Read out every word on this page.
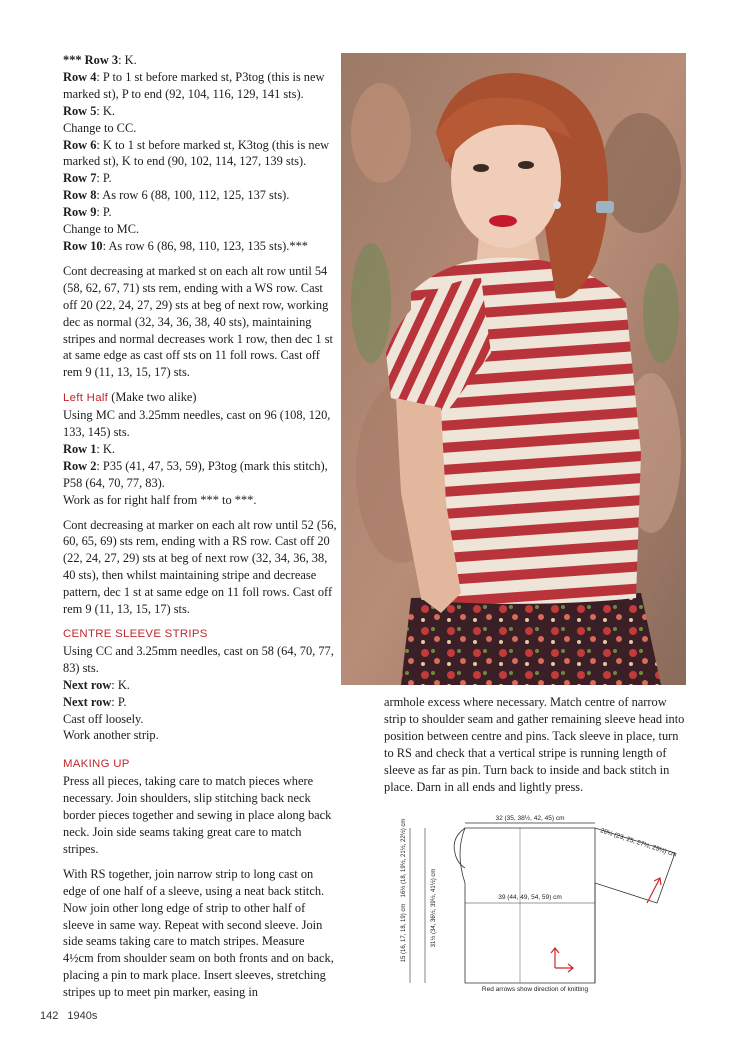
*** Row 3: K.

Row 4: P to 1 st before marked st, P3tog (this is new marked st), P to end (92, 104, 116, 129, 141 sts).

Row 5: K.

Change to CC.

Row 6: K to 1 st before marked st, K3tog (this is new marked st), K to end (90, 102, 114, 127, 139 sts).

Row 7: P.

Row 8: As row 6 (88, 100, 112, 125, 137 sts).

Row 9: P.

Change to MC.

Row 10: As row 6 (86, 98, 110, 123, 135 sts).***

Cont decreasing at marked st on each alt row until 54 (58, 62, 67, 71) sts rem, ending with a WS row. Cast off 20 (22, 24, 27, 29) sts at beg of next row, working dec as normal (32, 34, 36, 38, 40 sts), maintaining stripes and normal decreases work 1 row, then dec 1 st at same edge as cast off sts on 11 foll rows. Cast off rem 9 (11, 13, 15, 17) sts.

Left Half (Make two alike)

Using MC and 3.25mm needles, cast on 96 (108, 120, 133, 145) sts.

Row 1: K.

Row 2: P35 (41, 47, 53, 59), P3tog (mark this stitch), P58 (64, 70, 77, 83).

Work as for right half from *** to ***.

Cont decreasing at marker on each alt row until 52 (56, 60, 65, 69) sts rem, ending with a RS row. Cast off 20 (22, 24, 27, 29) sts at beg of next row (32, 34, 36, 38, 40 sts), then whilst maintaining stripe and decrease pattern, dec 1 st at same edge on 11 foll rows. Cast off rem 9 (11, 13, 15, 17) sts.

CENTRE SLEEVE STRIPS

Using CC and 3.25mm needles, cast on 58 (64, 70, 77, 83) sts.

Next row: K.

Next row: P.

Cast off loosely.

Work another strip.

MAKING UP

Press all pieces, taking care to match pieces where necessary. Join shoulders, slip stitching back neck border pieces together and sewing in place along back neck. Join side seams taking great care to match stripes.

With RS together, join narrow strip to long cast on edge of one half of a sleeve, using a neat back stitch. Now join other long edge of strip to other half of sleeve in same way. Repeat with second sleeve. Join side seams taking care to match stripes. Measure 4½cm from shoulder seam on both fronts and on back, placing a pin to mark place. Insert sleeves, stretching stripes up to meet pin marker, easing in

armhole excess where necessary. Match centre of narrow strip to shoulder seam and gather remaining sleeve head into position between centre and pins. Tack sleeve in place, turn to RS and check that a vertical stripe is running length of sleeve as far as pin. Turn back to inside and back stitch in place. Darn in all ends and lightly press.

32 (35, 38½, 42, 45) cm
39 (44, 49, 54, 59) cm
20½ (23, 25, 27½, 29½) cm
16½ (18, 19½, 21½, 22½) cm
31½ (34, 36½, 39½, 41½) cm
15 (16, 17, 18, 19) cm
Red arrows show direction of knitting
142 1940s
